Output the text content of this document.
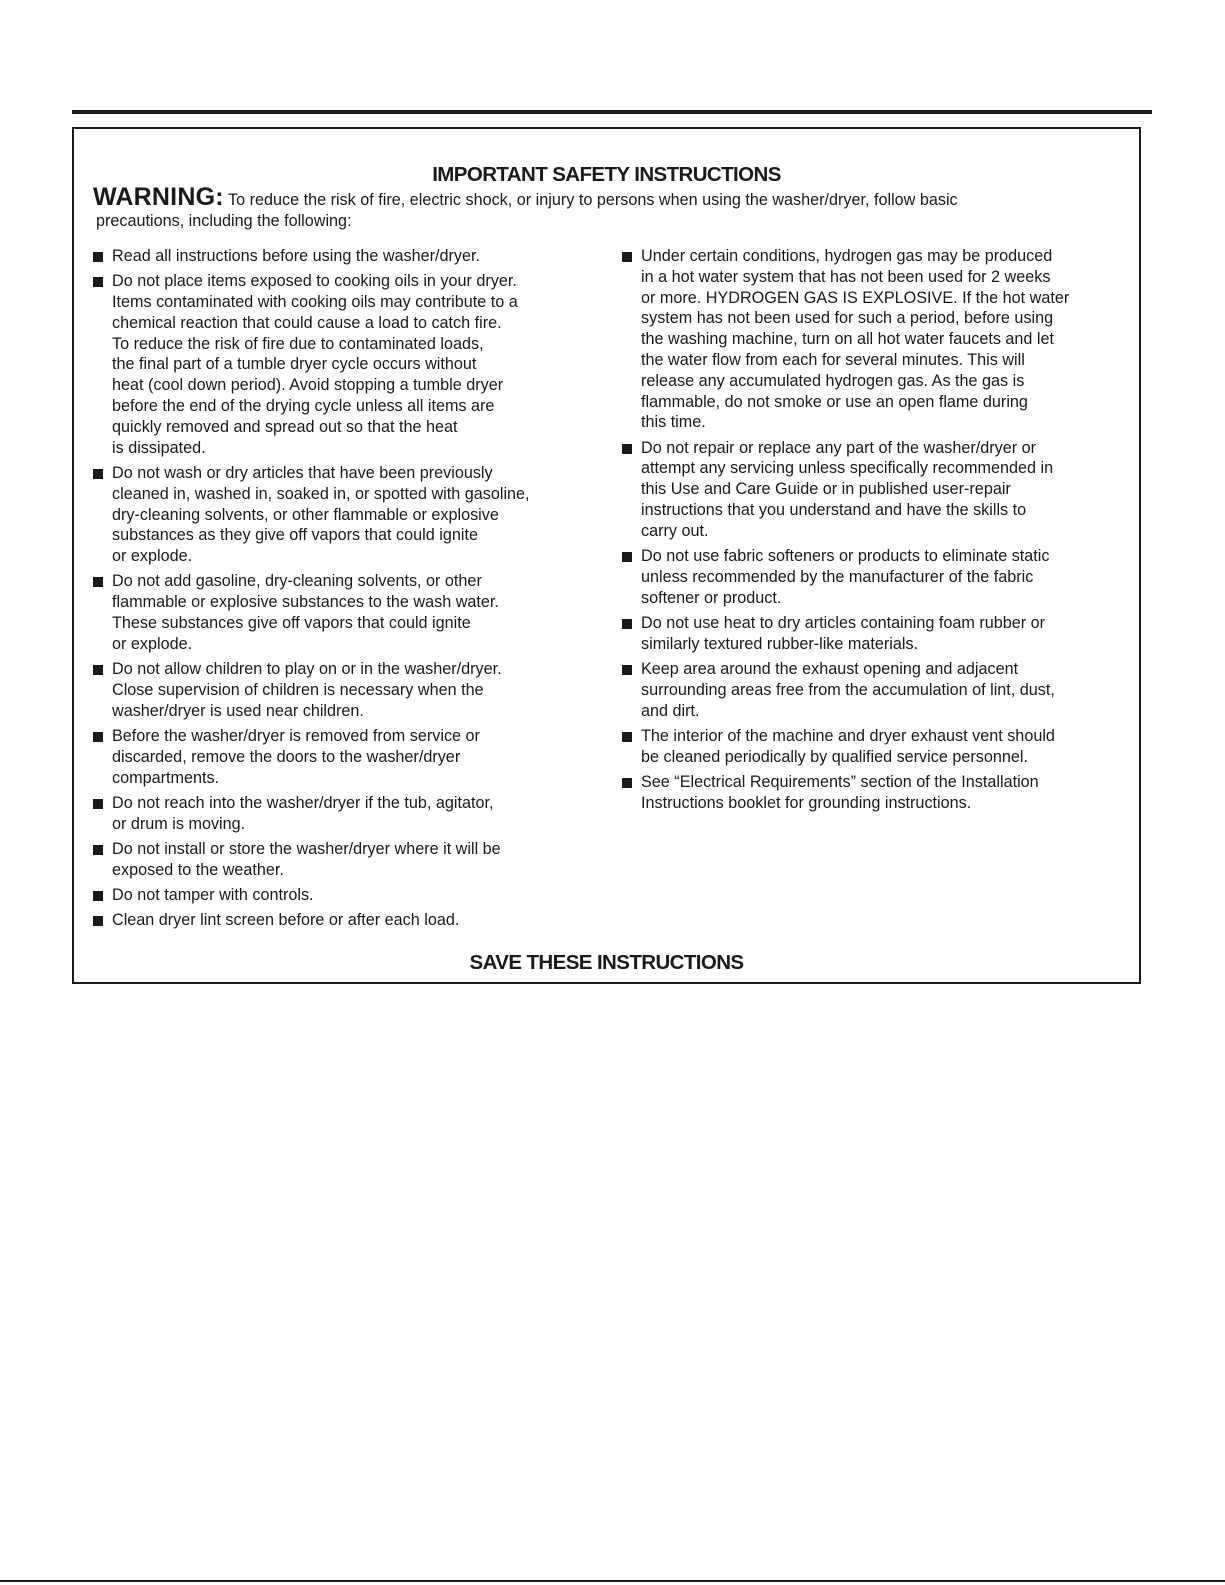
IMPORTANT SAFETY INSTRUCTIONS
WARNING: To reduce the risk of fire, electric shock, or injury to persons when using the washer/dryer, follow basic
precautions, including the following:
Read all instructions before using the washer/dryer.
Do not place items exposed to cooking oils in your dryer.
Items contaminated with cooking oils may contribute to a
chemical reaction that could cause a load to catch fire.
To reduce the risk of fire due to contaminated loads,
the final part of a tumble dryer cycle occurs without
heat (cool down period). Avoid stopping a tumble dryer
before the end of the drying cycle unless all items are
quickly removed and spread out so that the heat
is dissipated.
Do not wash or dry articles that have been previously
cleaned in, washed in, soaked in, or spotted with gasoline,
dry-cleaning solvents, or other flammable or explosive
substances as they give off vapors that could ignite
or explode.
Do not add gasoline, dry-cleaning solvents, or other
flammable or explosive substances to the wash water.
These substances give off vapors that could ignite
or explode.
Do not allow children to play on or in the washer/dryer.
Close supervision of children is necessary when the
washer/dryer is used near children.
Before the washer/dryer is removed from service or
discarded, remove the doors to the washer/dryer
compartments.
Do not reach into the washer/dryer if the tub, agitator,
or drum is moving.
Do not install or store the washer/dryer where it will be
exposed to the weather.
Do not tamper with controls.
Clean dryer lint screen before or after each load.
Under certain conditions, hydrogen gas may be produced
in a hot water system that has not been used for 2 weeks
or more. HYDROGEN GAS IS EXPLOSIVE. If the hot water
system has not been used for such a period, before using
the washing machine, turn on all hot water faucets and let
the water flow from each for several minutes. This will
release any accumulated hydrogen gas. As the gas is
flammable, do not smoke or use an open flame during
this time.
Do not repair or replace any part of the washer/dryer or
attempt any servicing unless specifically recommended in
this Use and Care Guide or in published user-repair
instructions that you understand and have the skills to
carry out.
Do not use fabric softeners or products to eliminate static
unless recommended by the manufacturer of the fabric
softener or product.
Do not use heat to dry articles containing foam rubber or
similarly textured rubber-like materials.
Keep area around the exhaust opening and adjacent
surrounding areas free from the accumulation of lint, dust,
and dirt.
The interior of the machine and dryer exhaust vent should
be cleaned periodically by qualified service personnel.
See “Electrical Requirements” section of the Installation
Instructions booklet for grounding instructions.
SAVE THESE INSTRUCTIONS
